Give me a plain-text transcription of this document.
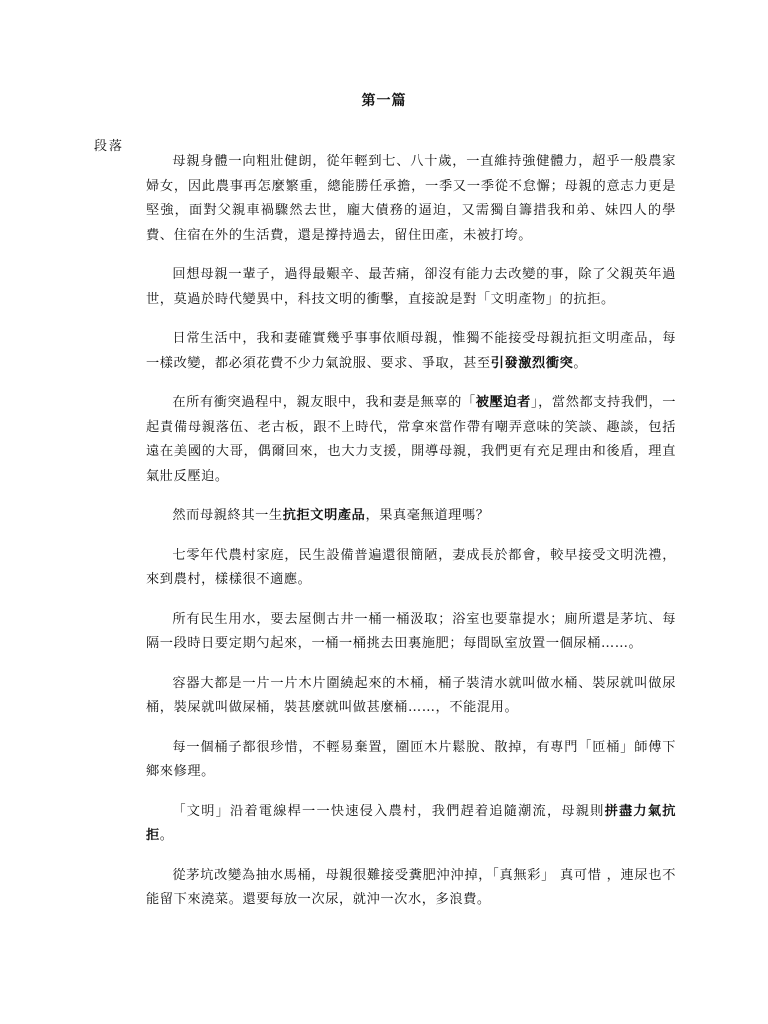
第一篇
段落

母親身體一向粗壯健朗，從年輕到七、八十歲，一直維持強健體力，超乎一般農家婦女，因此農事再怎麼繁重，總能勝任承擔，一季又一季從不怠懈；母親的意志力更是堅強，面對父親車禍驟然去世，龐大債務的逼迫，又需獨自籌措我和弟、妹四人的學費、住宿在外的生活費，還是撐持過去，留住田產，未被打垮。

回想母親一輩子，過得最艱辛、最苦痛，卻沒有能力去改變的事，除了父親英年過世，莫過於時代變異中，科技文明的衝擊，直接說是對「文明產物」的抗拒。

日常生活中，我和妻確實幾乎事事依順母親，惟獨不能接受母親抗拒文明產品，每一樣改變，都必須花費不少力氣說服、要求、爭取，甚至引發激烈衝突。

在所有衝突過程中，親友眼中，我和妻是無辜的「被壓迫者」，當然都支持我們，一起責備母親落伍、老古板，跟不上時代，常拿來當作帶有嘲弄意味的笑談、趣談，包括遠在美國的大哥，偶爾回來，也大力支援，開導母親，我們更有充足理由和後盾，理直氣壯反壓迫。

然而母親終其一生抗拒文明產品，果真毫無道理嗎？

七零年代農村家庭，民生設備普遍還很簡陋，妻成長於都會，較早接受文明洗禮，來到農村，樣樣很不適應。

所有民生用水，要去屋側古井一桶一桶汲取；浴室也要靠提水；廁所還是茅坑、每隔一段時日要定期勺起來，一桶一桶挑去田裏施肥；每間臥室放置一個尿桶……。

容器大都是一片一片木片圍繞起來的木桶，桶子裝清水就叫做水桶、裝尿就叫做尿桶，裝屎就叫做屎桶，裝甚麼就叫做甚麼桶……，不能混用。

每一個桶子都很珍惜，不輕易棄置，圍匝木片鬆脫、散掉，有專門「匝桶」師傅下鄉來修理。

「文明」沿着電線桿一一快速侵入農村，我們趕着追隨潮流，母親則拼盡力氣抗拒。

從茅坑改變為抽水馬桶，母親很難接受糞肥沖沖掉，「真無彩」 真可惜 ，連尿也不能留下來澆菜。還要每放一次尿，就沖一次水，多浪費。
